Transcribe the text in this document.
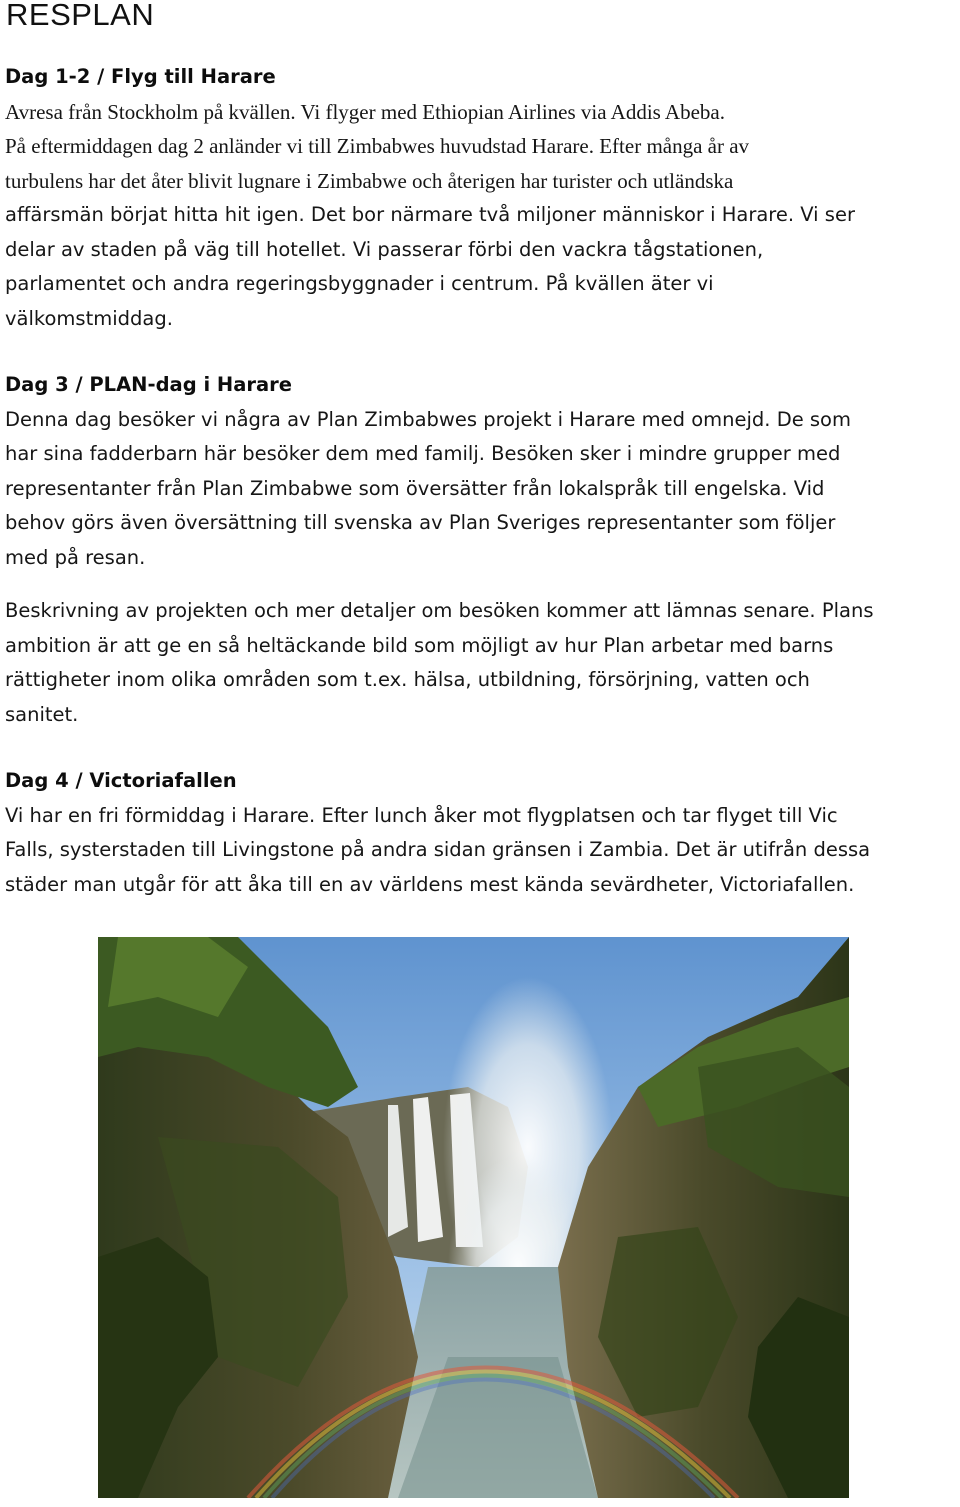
RESPLAN
Dag 1-2 / Flyg till Harare
Avresa från Stockholm på kvällen. Vi flyger med Ethiopian Airlines via Addis Abeba.
På eftermiddagen dag 2 anländer vi till Zimbabwes huvudstad Harare. Efter många år av
turbulens har det åter blivit lugnare i Zimbabwe och återigen har turister och utländska
affärsmän börjat hitta hit igen. Det bor närmare två miljoner människor i Harare. Vi ser
delar av staden på väg till hotellet. Vi passerar förbi den vackra tågstationen,
parlamentet och andra regeringsbyggnader i centrum. På kvällen äter vi
välkomstmiddag.
Dag 3 / PLAN-dag i Harare
Denna dag besöker vi några av Plan Zimbabwes projekt i Harare med omnejd. De som
har sina fadderbarn här besöker dem med familj. Besöken sker i mindre grupper med
representanter från Plan Zimbabwe som översätter från lokalspråk till engelska. Vid
behov görs även översättning till svenska av Plan Sveriges representanter som följer
med på resan.
Beskrivning av projekten och mer detaljer om besöken kommer att lämnas senare. Plans
ambition är att ge en så heltäckande bild som möjligt av hur Plan arbetar med barns
rättigheter inom olika områden som t.ex. hälsa, utbildning, försörjning, vatten och
sanitet.
Dag 4 / Victoriafallen
Vi har en fri förmiddag i Harare. Efter lunch åker mot flygplatsen och tar flyget till Vic
Falls, systerstaden till Livingstone på andra sidan gränsen i Zambia. Det är utifrån dessa
städer man utgår för att åka till en av världens mest kända sevärdheter, Victoriafallen.
